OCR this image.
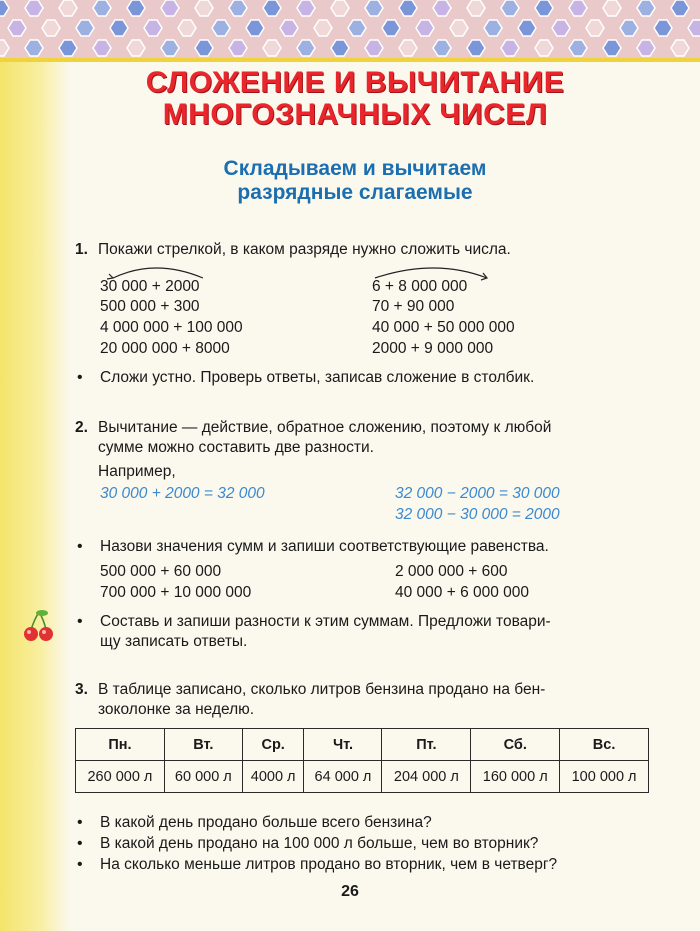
СЛОЖЕНИЕ И ВЫЧИТАНИЕ
МНОГОЗНАЧНЫХ ЧИСЕЛ
Складываем и вычитаем
разрядные слагаемые
1. Покажи стрелкой, в каком разряде нужно сложить числа.
30 000 + 2000
500 000 + 300
4 000 000 + 100 000
20 000 000 + 8000
6 + 8 000 000
70 + 90 000
40 000 + 50 000 000
2000 + 9 000 000
• Сложи устно. Проверь ответы, записав сложение в столбик.
2. Вычитание — действие, обратное сложению, поэтому к любой
сумме можно составить две разности.
Например,
30 000 + 2000 = 32 000	32 000 − 2000 = 30 000
32 000 − 30 000 = 2000
• Назови значения сумм и запиши соответствующие равенства.
500 000 + 60 000
700 000 + 10 000 000
2 000 000 + 600
40 000 + 6 000 000
• Составь и запиши разности к этим суммам. Предложи товари-
щу записать ответы.
3. В таблице записано, сколько литров бензина продано на бен-
зоколонке за неделю.
Пн.	Вт.	Ср.	Чт.	Пт.	Сб.	Вс.
260 000 л	60 000 л	4000 л	64 000 л	204 000 л	160 000 л	100 000 л
• В какой день продано больше всего бензина?
• В какой день продано на 100 000 л больше, чем во вторник?
• На сколько меньше литров продано во вторник, чем в четверг?
26
